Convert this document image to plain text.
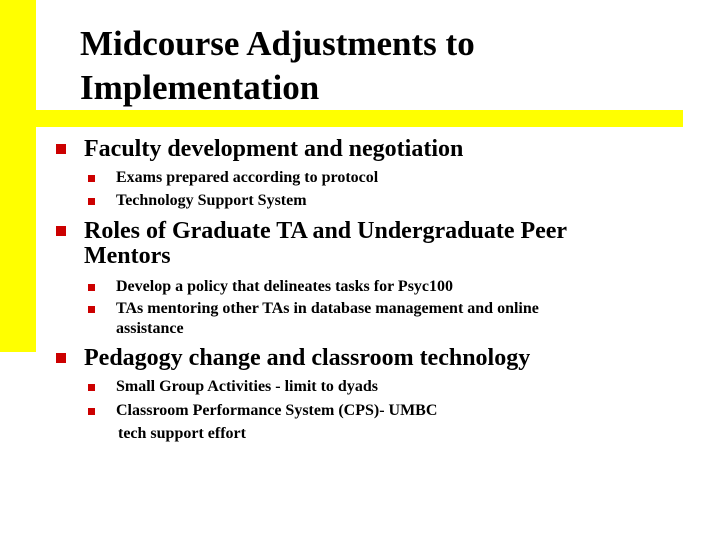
Midcourse Adjustments to
Implementation
Faculty development and negotiation
Exams prepared according to protocol
Technology Support System
Roles of Graduate TA and Undergraduate Peer
Mentors
Develop a policy that delineates tasks for Psyc100
TAs mentoring other TAs in database management and online
assistance
Pedagogy change and classroom technology
Small Group Activities - limit to dyads
Classroom Performance System (CPS)- UMBC
tech support effort
